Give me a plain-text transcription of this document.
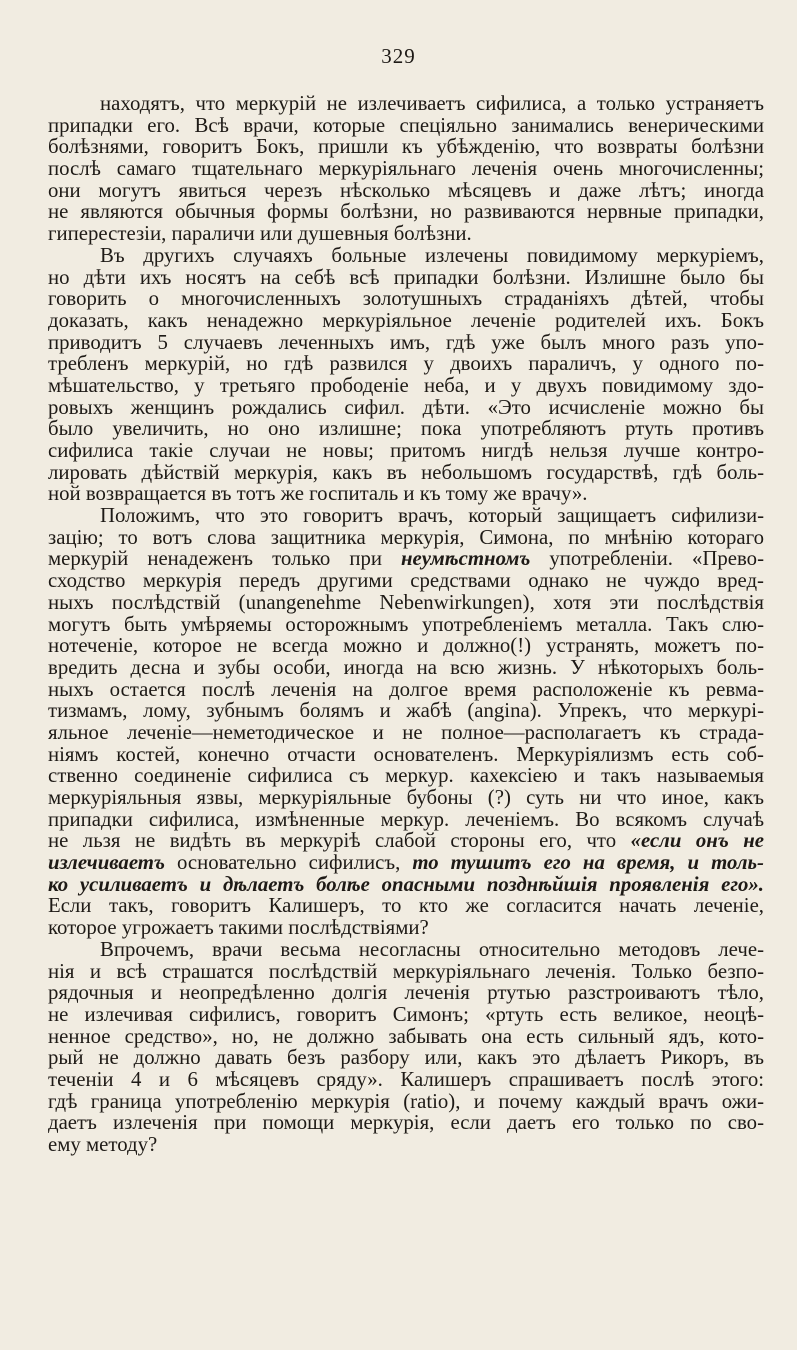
329
находятъ, что меркурій не излечиваетъ сифилиса, а только устраняетъ
припадки его. Всѣ врачи, которые спеціяльно занимались венерическими
болѣзнями, говоритъ Бокъ, пришли къ убѣжденію, что возвраты болѣзни
послѣ самаго тщательнаго меркуріяльнаго леченія очень многочисленны;
они могутъ явиться черезъ нѣсколько мѣсяцевъ и даже лѣтъ; иногда
не являются обычныя формы болѣзни, но развиваются нервные припадки,
гиперестезіи, параличи или душевныя болѣзни.
Въ другихъ случаяхъ больные излечены повидимому меркуріемъ,
но дѣти ихъ носятъ на себѣ всѣ припадки болѣзни. Излишне было бы
говорить о многочисленныхъ золотушныхъ страданіяхъ дѣтей, чтобы
доказать, какъ ненадежно меркуріяльное леченіе родителей ихъ. Бокъ
приводитъ 5 случаевъ леченныхъ имъ, гдѣ уже былъ много разъ упо-
требленъ меркурій, но гдѣ развился у двоихъ параличъ, у одного по-
мѣшательство, у третьяго прободеніе неба, и у двухъ повидимому здо-
ровыхъ женщинъ рождались сифил. дѣти. «Это исчисленіе можно бы
было увеличить, но оно излишне; пока употребляютъ ртуть противъ
сифилиса такіе случаи не новы; притомъ нигдѣ нельзя лучше контро-
лировать дѣйствій меркурія, какъ въ небольшомъ государствѣ, гдѣ боль-
ной возвращается въ тотъ же госпиталь и къ тому же врачу».
Положимъ, что это говоритъ врачъ, который защищаетъ сифилизи-
зацію; то вотъ слова защитника меркурія, Симона, по мнѣнію котораго
меркурій ненадеженъ только при неумѣстномъ употребленіи. «Прево-
сходство меркурія передъ другими средствами однако не чуждо вред-
ныхъ послѣдствій (unangenehme Nebenwirkungen), хотя эти послѣдствія
могутъ быть умѣряемы осторожнымъ употребленіемъ металла. Такъ слю-
нотеченіе, которое не всегда можно и должно(!) устранять, можетъ по-
вредить десна и зубы особи, иногда на всю жизнь. У нѣкоторыхъ боль-
ныхъ остается послѣ леченія на долгое время расположеніе къ ревма-
тизмамъ, ломy, зубнымъ болямъ и жабѣ (angina). Упрекъ, что меркурі-
яльное леченіе—неметодическое и не полное—располагаетъ къ страда-
ніямъ костей, конечно отчасти основателенъ. Меркуріялизмъ есть соб-
ственно соединеніе сифилиса съ меркур. кахексіею и такъ называемыя
меркуріяльныя язвы, меркуріяльные бубоны (?) суть ни что иное, какъ
припадки сифилиса, измѣненные меркур. леченіемъ. Во всякомъ случаѣ
не льзя не видѣть въ меркуріѣ слабой стороны его, что «если онъ не
излечиваетъ основательно сифилисъ, то тушитъ его на время, и толь-
ко усиливаетъ и дѣлаетъ болѣе опасными позднѣйшія проявленія его».
Если такъ, говоритъ Калишеръ, то кто же согласится начать леченіе,
которое угрожаетъ такими послѣдствіями?
Впрочемъ, врачи весьма несогласны относительно методовъ лече-
нія и всѣ страшатся послѣдствій меркуріяльнаго леченія. Только безпо-
рядочныя и неопредѣленно долгія леченія ртутью разстроиваютъ тѣло,
не излечивая сифилисъ, говоритъ Симонъ; «ртуть есть великое, неоцѣ-
ненное средство», но, не должно забывать она есть сильный ядъ, кото-
рый не должно давать безъ разбору или, какъ это дѣлаетъ Рикоръ, въ
теченіи 4 и 6 мѣсяцевъ сряду». Калишеръ спрашиваетъ послѣ этого:
гдѣ граница употребленію меркурія (ratio), и почему каждый врачъ ожи-
даетъ излеченія при помощи меркурія, если даетъ его только по сво-
ему методу?
